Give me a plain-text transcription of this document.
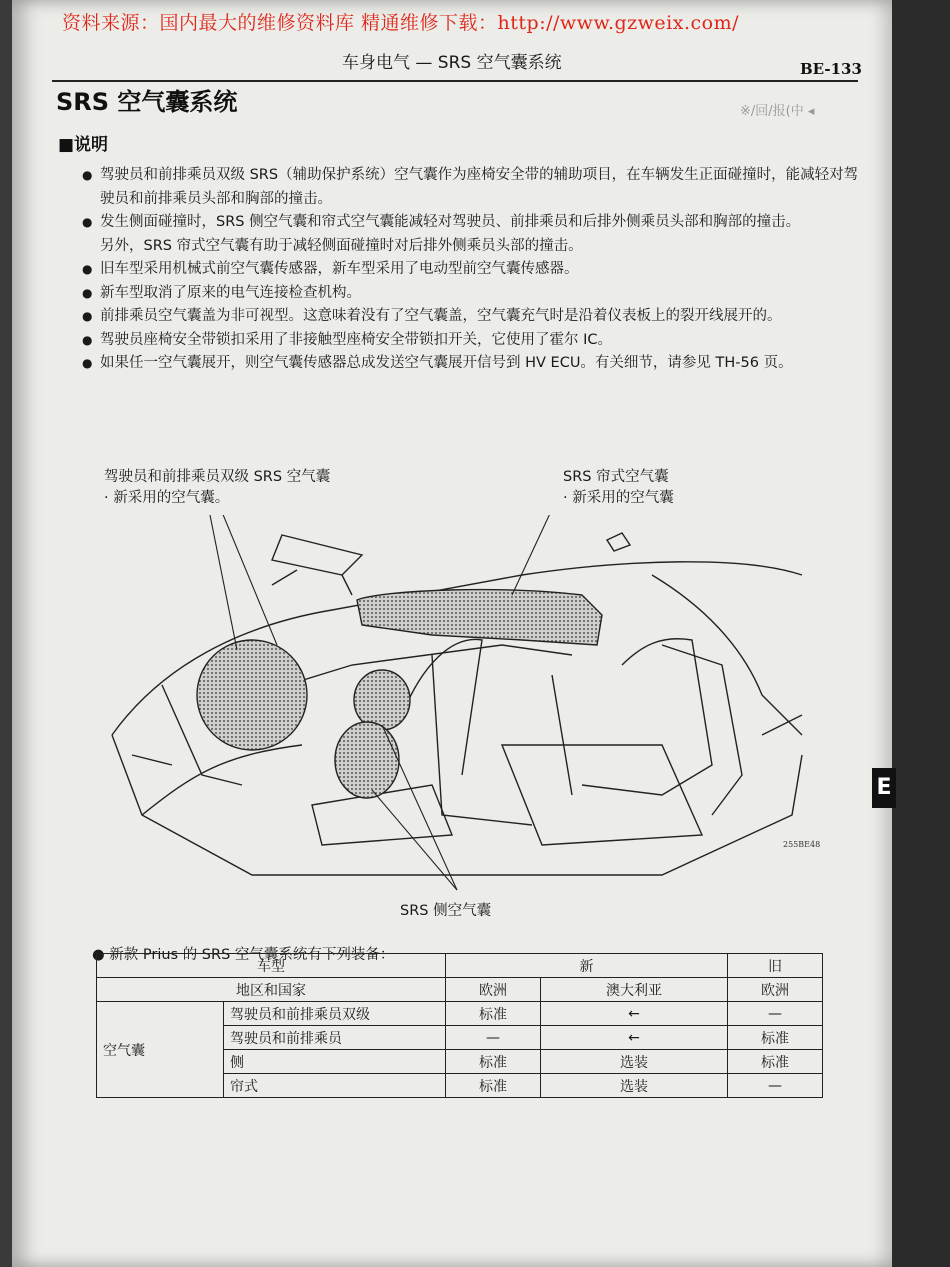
车身电气 — SRS 空气囊系统	BE-133
※/回/报(中 ◂
SRS 空气囊系统
■说明
● 驾驶员和前排乘员双级 SRS（辅助保护系统）空气囊作为座椅安全带的辅助项目，在车辆发生正面碰撞时，能减轻对驾驶员和前排乘员头部和胸部的撞击。
● 发生侧面碰撞时，SRS 侧空气囊和帘式空气囊能减轻对驾驶员、前排乘员和后排外侧乘员头部和胸部的撞击。
另外，SRS 帘式空气囊有助于减轻侧面碰撞时对后排外侧乘员头部的撞击。
● 旧车型采用机械式前空气囊传感器，新车型采用了电动型前空气囊传感器。
● 新车型取消了原来的电气连接检查机构。
● 前排乘员空气囊盖为非可视型。这意味着没有了空气囊盖，空气囊充气时是沿着仪表板上的裂开线展开的。
● 驾驶员座椅安全带锁扣采用了非接触型座椅安全带锁扣开关，它使用了霍尔 IC。
● 如果任一空气囊展开，则空气囊传感器总成发送空气囊展开信号到 HV ECU。有关细节，请参见 TH-56 页。
驾驶员和前排乘员双级 SRS 空气囊
· 新采用的空气囊。
SRS 帘式空气囊
· 新采用的空气囊
SRS 侧空气囊
255BE48
● 新款 Prius 的 SRS 空气囊系统有下列装备：
车型		新		旧
地区和国家		欧洲	澳大利亚	欧洲
空气囊	驾驶员和前排乘员双级	标准	←	—
	驾驶员和前排乘员	—	←	标准
	侧	标准	选装	标准
	帘式	标准	选装	—
E
资料来源：国内最大的维修资料库 精通维修下载：http://www.gzweix.com/
